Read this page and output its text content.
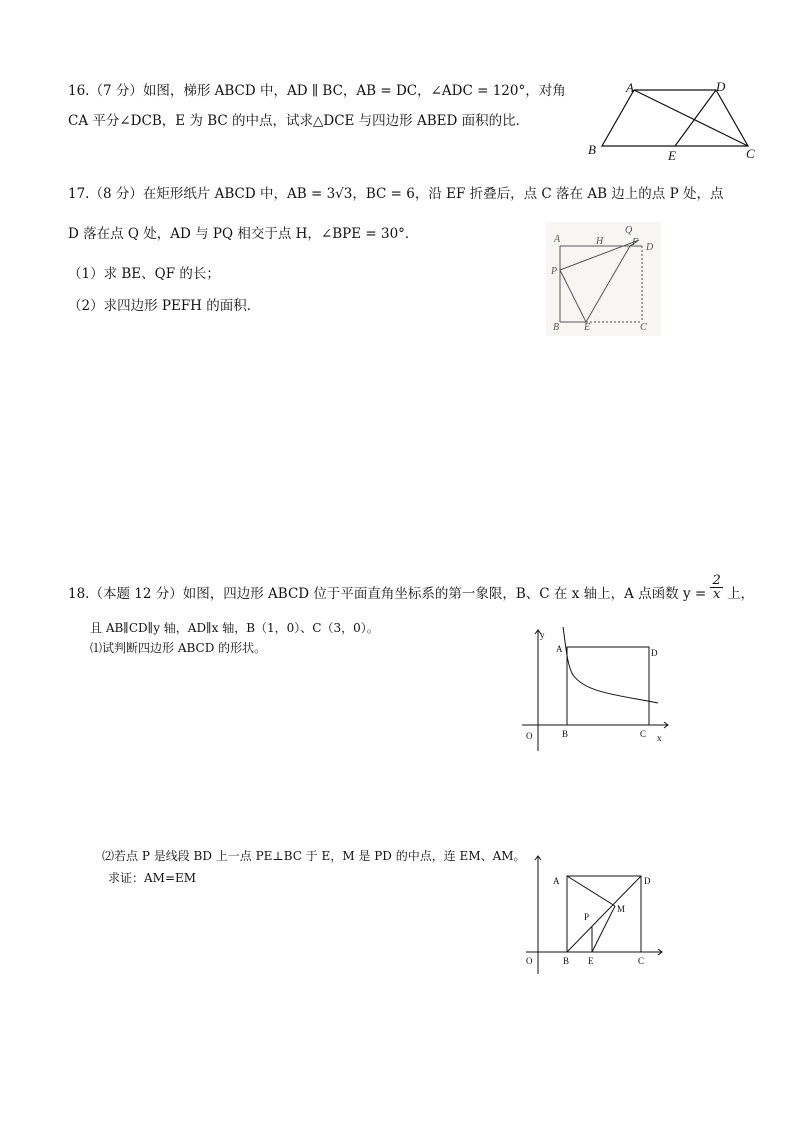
16.（7 分）如图，梯形 ABCD 中，AD ∥ BC，AB = DC，∠ADC = 120°，对角
CA 平分∠DCB，E 为 BC 的中点，试求△DCE 与四边形 ABED 面积的比．
A	D
B	E	C
17.（8 分）在矩形纸片 ABCD 中，AB = 3√3，BC = 6，沿 EF 折叠后，点 C 落在 AB 边上的点 P 处，点
D 落在点 Q 处，AD 与 PQ 相交于点 H，∠BPE = 30°．
（1）求 BE、QF 的长；
（2）求四边形 PEFH 的面积．
A	H
Q
F D
P
B E	C
18.（本题 12 分）如图，四边形 ABCD 位于平面直角坐标系的第一象限，B、C 在 x 轴上，A 点函数 $y = \frac{2}{x}$ 上，
且 AB∥CD∥y 轴，AD∥x 轴，B（1，0）、C（3，0）。
⑴试判断四边形 ABCD 的形状。
y
A	D
O	B	C x
⑵若点 P 是线段 BD 上一点 PE⊥BC 于 E，M 是 PD 的中点，连 EM、AM。
求证：AM=EM	A	D
P
M
O	B E	C
